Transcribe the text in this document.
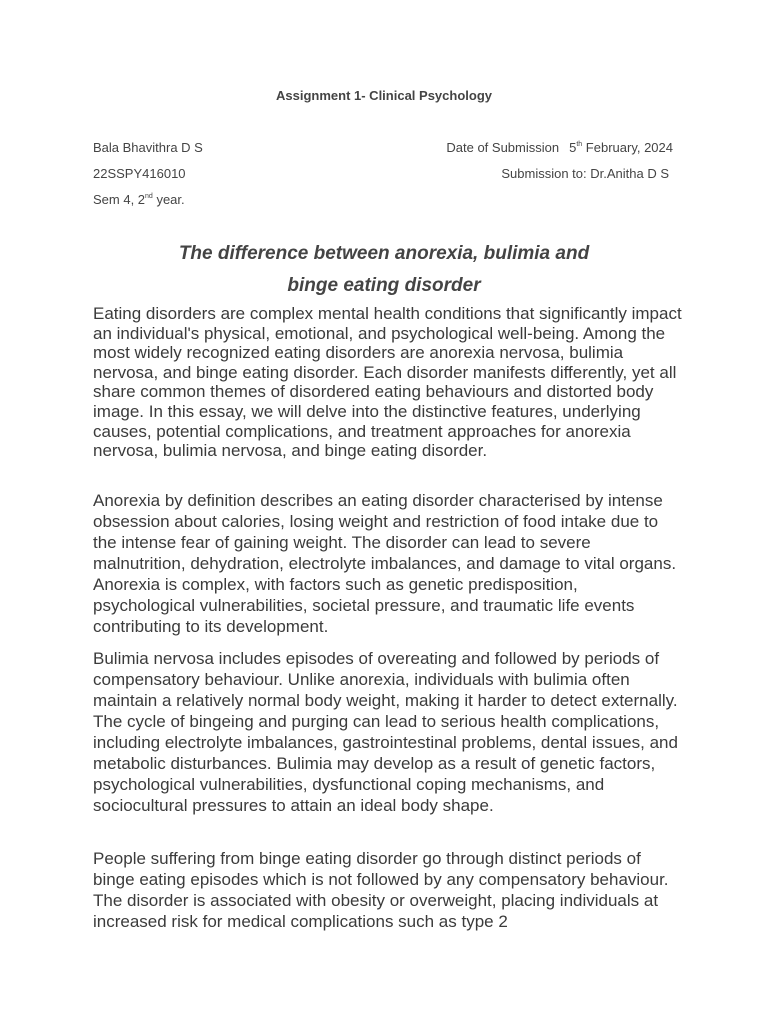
Assignment 1- Clinical Psychology
Bala Bhavithra D S	Date of Submission 5th February, 2024
22SSPY416010	Submission to: Dr.Anitha D S
Sem 4, 2nd year.
The difference between anorexia, bulimia and
binge eating disorder

Eating disorders are complex mental health conditions that significantly impact an individual's physical, emotional, and psychological well-being. Among the most widely recognized eating disorders are anorexia nervosa, bulimia nervosa, and binge eating disorder. Each disorder manifests differently, yet all share common themes of disordered eating behaviours and distorted body image. In this essay, we will delve into the distinctive features, underlying causes, potential complications, and treatment approaches for anorexia nervosa, bulimia nervosa, and binge eating disorder.

Anorexia by definition describes an eating disorder characterised by intense obsession about calories, losing weight and restriction of food intake due to the intense fear of gaining weight. The disorder can lead to severe malnutrition, dehydration, electrolyte imbalances, and damage to vital organs. Anorexia is complex, with factors such as genetic predisposition, psychological vulnerabilities, societal pressure, and traumatic life events contributing to its development.

Bulimia nervosa includes episodes of overeating and followed by periods of compensatory behaviour. Unlike anorexia, individuals with bulimia often maintain a relatively normal body weight, making it harder to detect externally. The cycle of bingeing and purging can lead to serious health complications, including electrolyte imbalances, gastrointestinal problems, dental issues, and metabolic disturbances. Bulimia may develop as a result of genetic factors, psychological vulnerabilities, dysfunctional coping mechanisms, and sociocultural pressures to attain an ideal body shape.

People suffering from binge eating disorder go through distinct periods of binge eating episodes which is not followed by any compensatory behaviour. The disorder is associated with obesity or overweight, placing individuals at increased risk for medical complications such as type 2
